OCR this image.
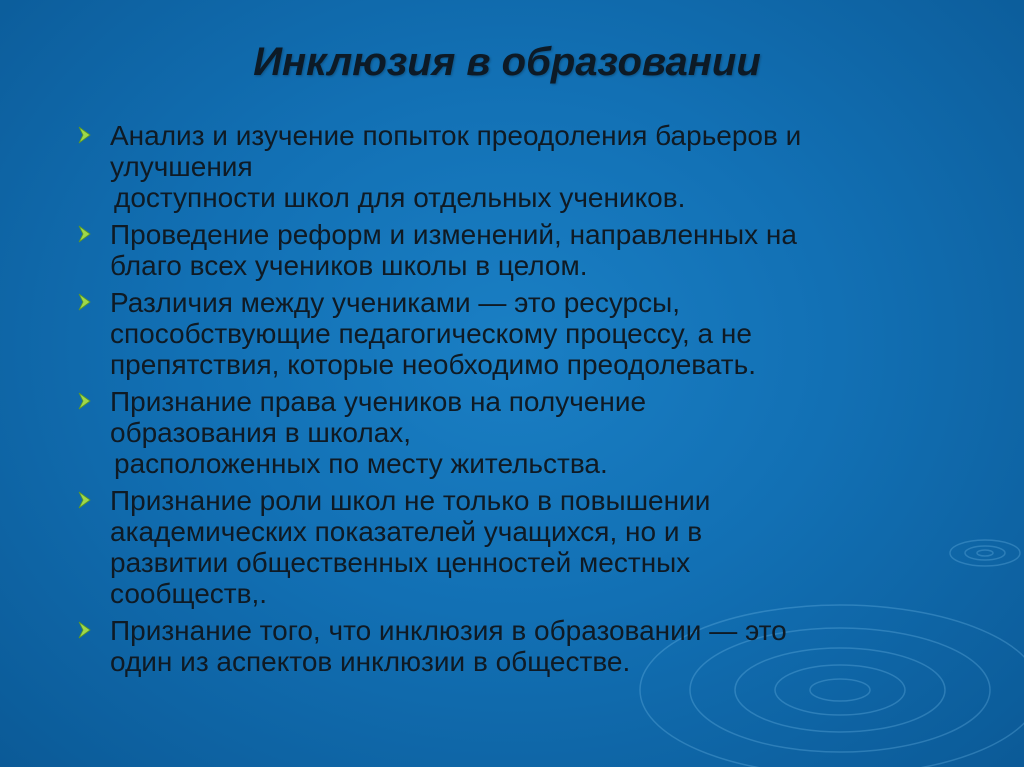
Инклюзия в образовании
Анализ и изучение попыток преодоления барьеров и
улучшения
доступности школ для отдельных учеников.
Проведение реформ и изменений, направленных на
благо всех учеников школы в целом.
Различия между учениками — это ресурсы,
способствующие педагогическому процессу, а не
препятствия, которые необходимо преодолевать.
Признание права учеников на получение
образования в школах,
расположенных по месту жительства.
Признание роли школ не только в повышении
академических показателей учащихся, но и в
развитии общественных ценностей местных
сообществ,.
Признание того, что инклюзия в образовании — это
один из аспектов инклюзии в обществе.
